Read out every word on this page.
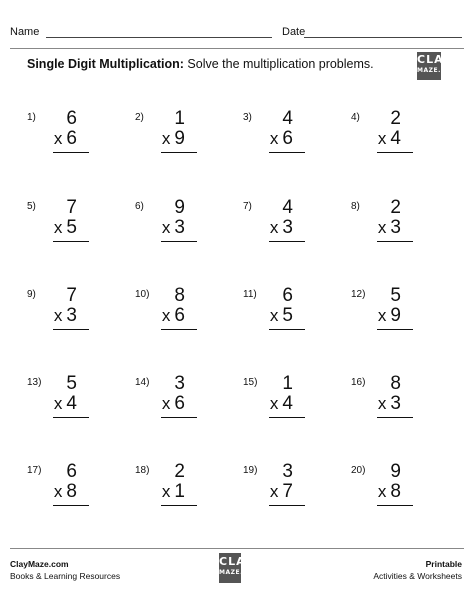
Name	Date
Single Digit Multiplication: Solve the multiplication problems.	CLAY
MAZE.com
1) 6
x 6
2) 1
x 9
3) 4
x 6
4) 2
x 4
5) 7
x 5
6) 9
x 3
7) 4
x 3
8) 2
x 3
9) 7
x 3
10) 8
x 6
11) 6
x 5
12) 5
x 9
13) 5
x 4
14) 3
x 6
15) 1
x 4
16) 8
x 3
17) 6
x 8
18) 2
x 1
19) 3
x 7
20) 9
x 8
ClayMaze.com
Books & Learning Resources
CLAY
MAZE.com
Printable
Activities & Worksheets
